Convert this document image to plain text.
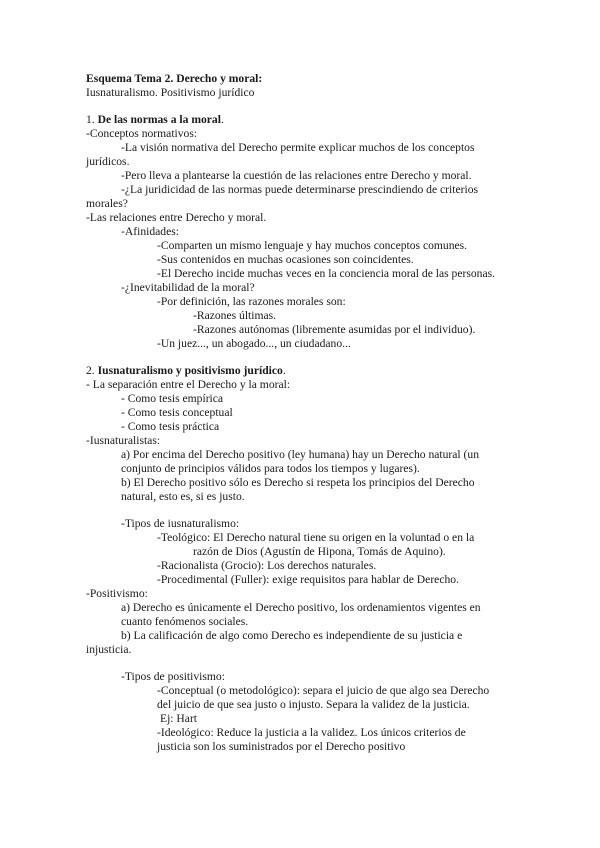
Esquema Tema 2. Derecho y moral:
Iusnaturalismo. Positivismo jurídico
1. De las normas a la moral.
-Conceptos normativos:
-La visión normativa del Derecho permite explicar muchos de los conceptos
jurídicos.
-Pero lleva a plantearse la cuestión de las relaciones entre Derecho y moral.
-¿La juridicidad de las normas puede determinarse prescindiendo de criterios
morales?
-Las relaciones entre Derecho y moral.
-Afinidades:
-Comparten un mismo lenguaje y hay muchos conceptos comunes.
-Sus contenidos en muchas ocasiones son coincidentes.
-El Derecho incide muchas veces en la conciencia moral de las personas.
-¿Inevitabilidad de la moral?
-Por definición, las razones morales son:
-Razones últimas.
-Razones autónomas (libremente asumidas por el individuo).
-Un juez..., un abogado..., un ciudadano...
2. Iusnaturalismo y positivismo jurídico.
- La separación entre el Derecho y la moral:
- Como tesis empírica
- Como tesis conceptual
- Como tesis práctica
-Iusnaturalistas:
a) Por encima del Derecho positivo (ley humana) hay un Derecho natural (un
conjunto de principios válidos para todos los tiempos y lugares).
b) El Derecho positivo sólo es Derecho si respeta los principios del Derecho
natural, esto es, si es justo.
-Tipos de iusnaturalismo:
-Teológico: El Derecho natural tiene su origen en la voluntad o en la
razón de Dios (Agustín de Hipona, Tomás de Aquino).
-Racionalista (Grocio): Los derechos naturales.
-Procedimental (Fuller): exige requisitos para hablar de Derecho.
-Positivismo:
a) Derecho es únicamente el Derecho positivo, los ordenamientos vigentes en
cuanto fenómenos sociales.
b) La calificación de algo como Derecho es independiente de su justicia e
injusticia.
-Tipos de positivismo:
-Conceptual (o metodológico): separa el juicio de que algo sea Derecho
del juicio de que sea justo o injusto. Separa la validez de la justicia.
Ej: Hart
-Ideológico: Reduce la justicia a la validez. Los únicos criterios de
justicia son los suministrados por el Derecho positivo
